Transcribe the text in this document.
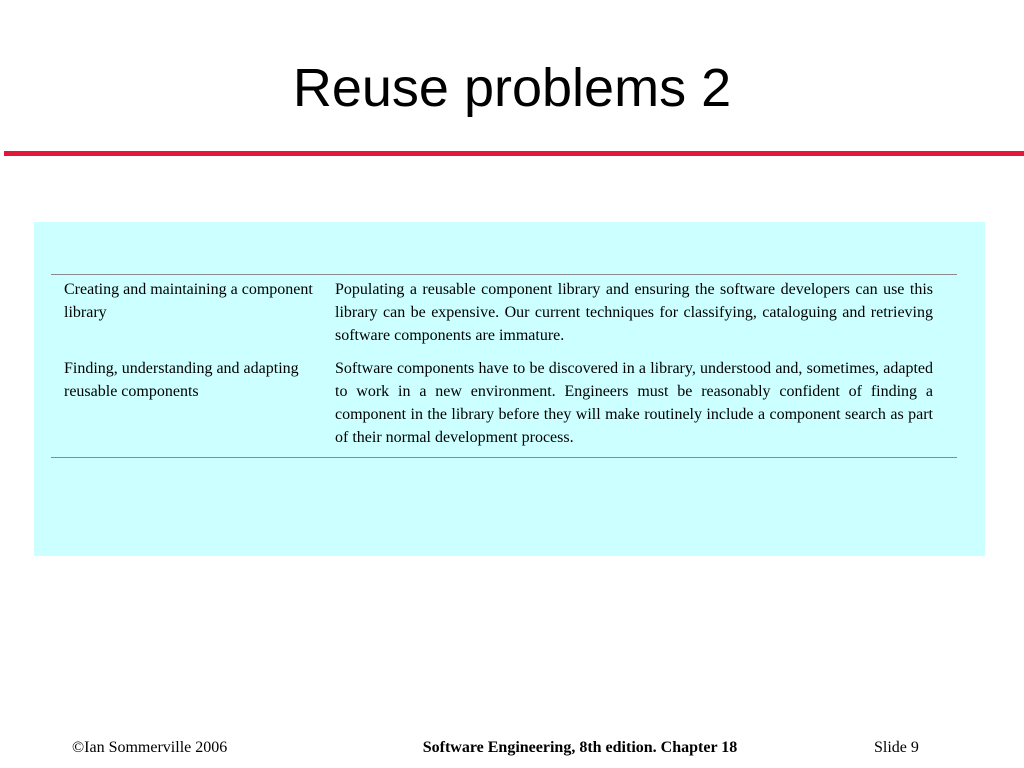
Reuse problems 2
Creating and maintaining a component library
Populating a reusable component library and ensuring the software developers can use this library can be expensive. Our current techniques for classifying, cataloguing and retrieving software components are immature.
Finding, understanding and adapting reusable components
Software components have to be discovered in a library, understood and, sometimes, adapted to work in a new environment. Engineers must be reasonably confident of finding a component in the library before they will make routinely include a component search as part of their normal development process.
Software Engineering, 8th edition. Chapter 18
©Ian Sommerville 2006	Slide 9
